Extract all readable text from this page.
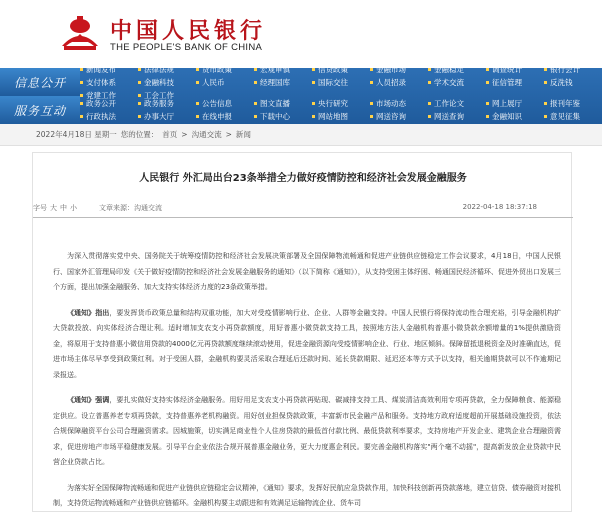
中国人民银行
THE PEOPLE'S BANK OF CHINA
信息公开
服务互动
新闻发布	法律法规	货币政策	宏观审慎	信贷政策	金融市场	金融稳定	调查统计	银行会计
支付体系	金融科技	人民币	经理国库	国际交往	人员招录	学术交流	征信管理	反洗钱
党建工作	工会工作
政务公开	政务服务	公告信息	图文直播	央行研究	市场动态	工作论文	网上展厅	报刊年鉴
行政执法	办事大厅	在线申报	下载中心	网站地图	网送咨询	网送查询	金融知识	意见征集
2022年4月18日 星期一 您的位置： 首页 > 沟通交流 > 新闻
人民银行 外汇局出台23条举措全力做好疫情防控和经济社会发展金融服务
字号 大 中 小	文章来源：沟通交流	2022-04-18 18:37:18

为深入贯彻落实党中央、国务院关于统筹疫情防控和经济社会发展决策部署及全国保障物流畅通和促进产业链供应链稳定工作会议要求，4月18日，中国人民银行、国家外汇管理局印发《关于做好疫情防控和经济社会发展金融服务的通知》（以下简称《通知》），从支持受困主体纾困、畅通国民经济循环、促进外贸出口发展三个方面，提出加强金融服务、加大支持实体经济力度的23条政策举措。

《通知》指出，要发挥货币政策总量和结构双重功能，加大对受疫情影响行业、企业、人群等金融支持。中国人民银行将保持流动性合理充裕，引导金融机构扩大贷款投放、向实体经济合理让利。适时增加支农支小再贷款额度，用好普惠小微贷款支持工具，按照地方法人金融机构普惠小微贷款余额增量的1%提供激励资金，将原用于支持普惠小微信用贷款的4000亿元再贷款额度继续滚动使用，促进金融资源向受疫情影响企业、行业、地区倾斜。保障留抵退税资金及时准确直达，促进市场主体尽早享受到政策红利。对于受困人群，金融机构要灵活采取合理延后还款时间、延长贷款期限、延迟还本等方式予以支持，相关逾期贷款可以不作逾期记录报送。

《通知》强调，要扎实做好支持实体经济金融服务。用好用足支农支小再贷款再贴现、碳减排支持工具、煤炭清洁高效利用专项再贷款，全力保障粮食、能源稳定供应。设立普惠养老专项再贷款，支持普惠养老机构融资。用好创业担保贷款政策，丰富新市民金融产品和服务。支持地方政府适度超前开展基础设施投资，依法合规保障融资平台公司合理融资需求。因城施策，切实满足商业性个人住房贷款的最低首付款比例、最低贷款利率要求，支持房地产开发企业、建筑企业合理融资需求，促进房地产市场平稳健康发展。引导平台企业依法合规开展普惠金融业务，更大力度惠企利民。要完善金融机构落实"两个毫不动摇"，提高新发放企业贷款中民营企业贷款占比。

为落实好全国保障物流畅通和促进产业链供应链稳定会议精神，《通知》要求，发挥好民航应急贷款作用，加快科技创新再贷款落地，建立信贷、债券融资对接机制，支持货运物流畅通和产业链供应链循环。金融机构要主动跟进和有效满足运输物流企业、货车司
